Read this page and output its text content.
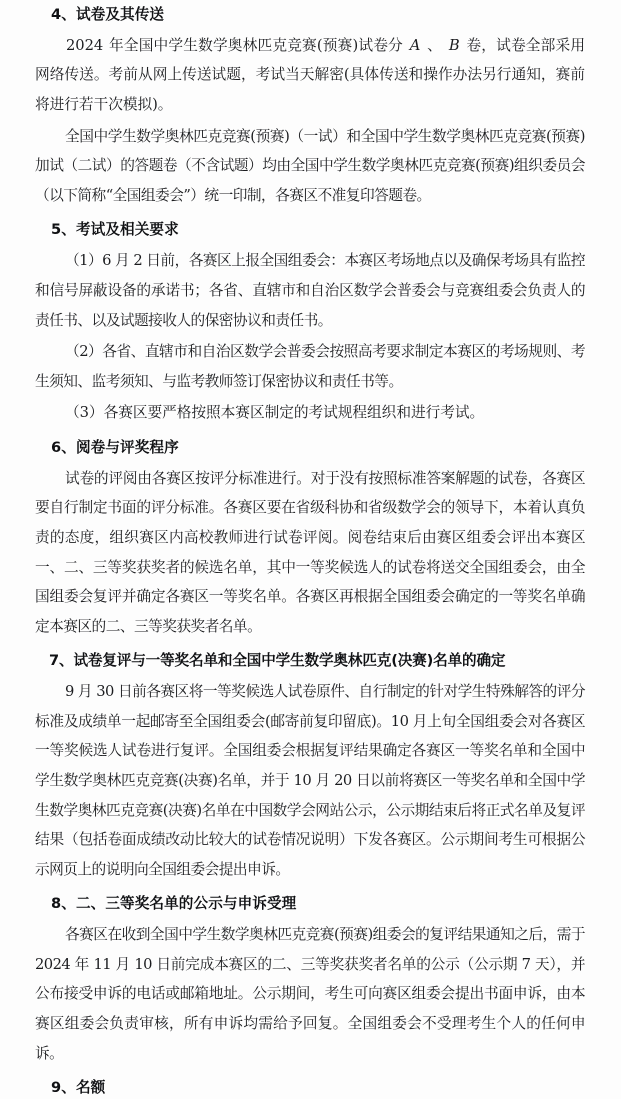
4、试卷及其传送

2024 年全国中学生数学奥林匹克竞赛(预赛)试卷分 A 、 B 卷，试卷全部采用网络传送。考前从网上传送试题，考试当天解密(具体传送和操作办法另行通知，赛前将进行若干次模拟)。

全国中学生数学奥林匹克竞赛(预赛)（一试）和全国中学生数学奥林匹克竞赛(预赛)加试（二试）的答题卷（不含试题）均由全国中学生数学奥林匹克竞赛(预赛)组织委员会（以下简称“全国组委会”）统一印制，各赛区不准复印答题卷。

5、考试及相关要求

（1）6 月 2 日前，各赛区上报全国组委会：本赛区考场地点以及确保考场具有监控和信号屏蔽设备的承诺书；各省、直辖市和自治区数学会普委会与竞赛组委会负责人的责任书、以及试题接收人的保密协议和责任书。

（2）各省、直辖市和自治区数学会普委会按照高考要求制定本赛区的考场规则、考生须知、监考须知、与监考教师签订保密协议和责任书等。

（3）各赛区要严格按照本赛区制定的考试规程组织和进行考试。

6、阅卷与评奖程序

试卷的评阅由各赛区按评分标准进行。对于没有按照标准答案解题的试卷，各赛区要自行制定书面的评分标准。各赛区要在省级科协和省级数学会的领导下，本着认真负责的态度，组织赛区内高校教师进行试卷评阅。阅卷结束后由赛区组委会评出本赛区一、二、三等奖获奖者的候选名单，其中一等奖候选人的试卷将送交全国组委会，由全国组委会复评并确定各赛区一等奖名单。各赛区再根据全国组委会确定的一等奖名单确定本赛区的二、三等奖获奖者名单。

7、试卷复评与一等奖名单和全国中学生数学奥林匹克(决赛)名单的确定

9 月 30 日前各赛区将一等奖候选人试卷原件、自行制定的针对学生特殊解答的评分标准及成绩单一起邮寄至全国组委会(邮寄前复印留底)。10 月上旬全国组委会对各赛区一等奖候选人试卷进行复评。全国组委会根据复评结果确定各赛区一等奖名单和全国中学生数学奥林匹克竞赛(决赛)名单，并于 10 月 20 日以前将赛区一等奖名单和全国中学生数学奥林匹克竞赛(决赛)名单在中国数学会网站公示，公示期结束后将正式名单及复评结果（包括卷面成绩改动比较大的试卷情况说明）下发各赛区。公示期间考生可根据公示网页上的说明向全国组委会提出申诉。

8、二、三等奖名单的公示与申诉受理

各赛区在收到全国中学生数学奥林匹克竞赛(预赛)组委会的复评结果通知之后，需于 2024 年 11 月 10 日前完成本赛区的二、三等奖获奖者名单的公示（公示期 7 天），并公布接受申诉的电话或邮箱地址。公示期间，考生可向赛区组委会提出书面申诉，由本赛区组委会负责审核，所有申诉均需给予回复。全国组委会不受理考生个人的任何申诉。

9、名额
